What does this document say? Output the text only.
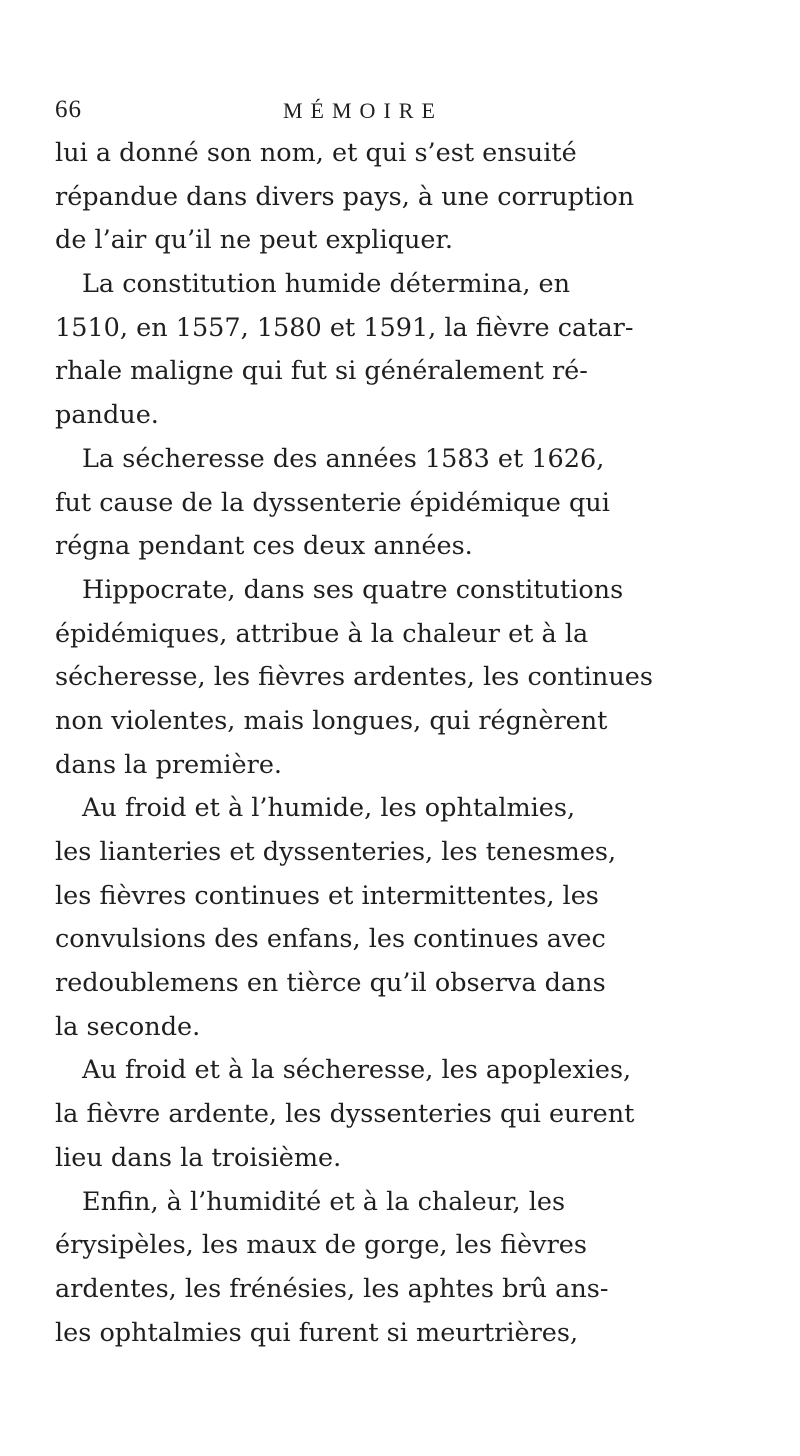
66	MÉMOIRE
lui a donné son nom, et qui s’est ensuité
répandue dans divers pays, à une corruption
de l’air qu’il ne peut expliquer.
La constitution humide détermina, en
1510, en 1557, 1580 et 1591, la fièvre catar-
rhale maligne qui fut si généralement ré-
pandue.
La sécheresse des années 1583 et 1626,
fut cause de la dyssenterie épidémique qui
régna pendant ces deux années.
Hippocrate, dans ses quatre constitutions
épidémiques, attribue à la chaleur et à la
sécheresse, les fièvres ardentes, les continues
non violentes, mais longues, qui régnèrent
dans la première.
Au froid et à l’humide, les ophtalmies,
les lianteries et dyssenteries, les tenesmes,
les fièvres continues et intermittentes, les
convulsions des enfans, les continues avec
redoublemens en tièrce qu’il observa dans
la seconde.
Au froid et à la sécheresse, les apoplexies,
la fièvre ardente, les dyssenteries qui eurent
lieu dans la troisième.
Enfin, à l’humidité et à la chaleur, les
érysipèles, les maux de gorge, les fièvres
ardentes, les frénésies, les aphtes brû ans-
les ophtalmies qui furent si meurtrières,
